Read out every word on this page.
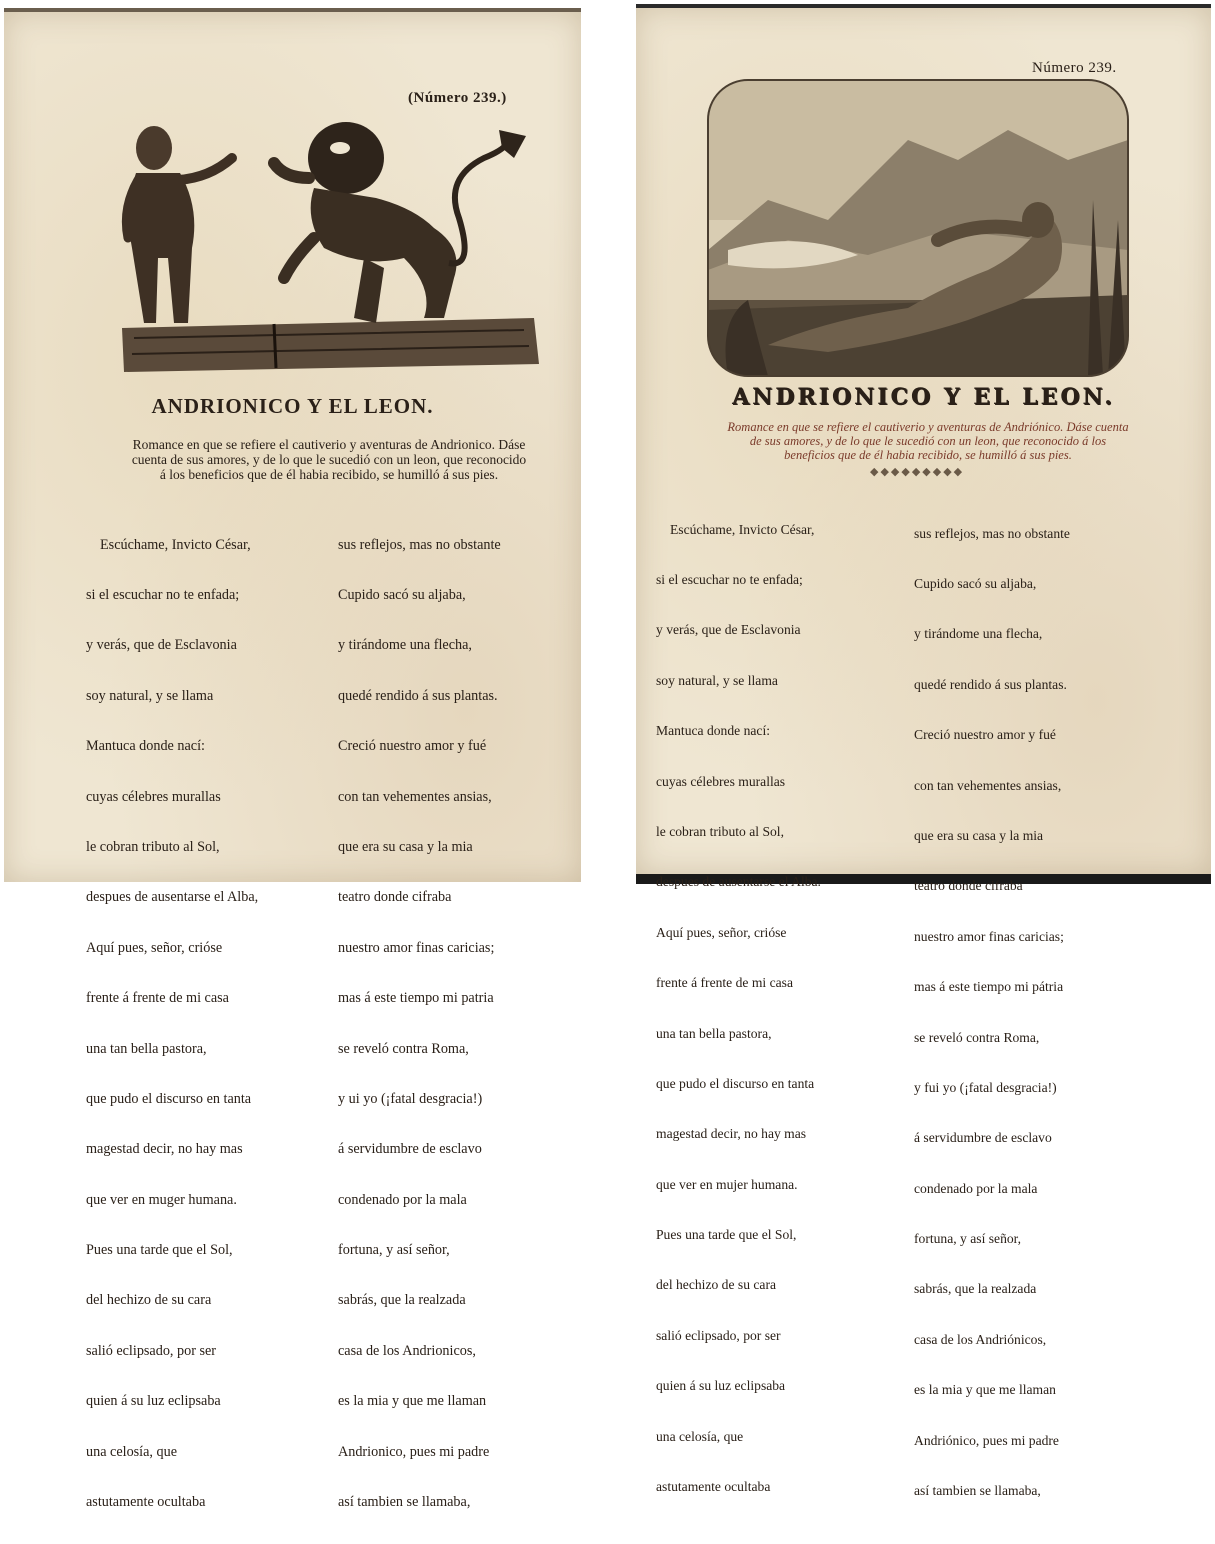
(Número 239.)
ANDRIONICO Y EL LEON.
Romance en que se refiere el cautiverio y aventuras de Andrionico. Dáse
cuenta de sus amores, y de lo que le sucedió con un leon, que reconocido
á los beneficios que de él habia recibido, se humilló á sus pies.

Escúchame, Invicto César,

si el escuchar no te enfada;

y verás, que de Esclavonia

soy natural, y se llama

Mantuca donde nací:

cuyas célebres murallas

le cobran tributo al Sol,

despues de ausentarse el Alba,

Aquí pues, señor, crióse

frente á frente de mi casa

una tan bella pastora,

que pudo el discurso en tanta

magestad decir, no hay mas

que ver en muger humana.

Pues una tarde que el Sol,

del hechizo de su cara

salió eclipsado, por ser

quien á su luz eclipsaba

una celosía, que

astutamente ocultaba

sus reflejos, mas no obstante

Cupido sacó su aljaba,

y tirándome una flecha,

quedé rendido á sus plantas.

Creció nuestro amor y fué

con tan vehementes ansias,

que era su casa y la mia

teatro donde cifraba

nuestro amor finas caricias;

mas á este tiempo mi patria

se reveló contra Roma,

y ui yo (¡fatal desgracia!)

á servidumbre de esclavo

condenado por la mala

fortuna, y así señor,

sabrás, que la realzada

casa de los Andrionicos,

es la mia y que me llaman

Andrionico, pues mi padre

así tambien se llamaba,

Número 239.
ANDRIONICO Y EL LEON.
Romance en que se refiere el cautiverio y aventuras de Andriónico. Dáse cuenta
de sus amores, y de lo que le sucedió con un leon, que reconocido á los
beneficios que de él habia recibido, se humilló á sus pies.
◆◆◆◆◆◆◆◆◆

Escúchame, Invicto César,

si el escuchar no te enfada;

y verás, que de Esclavonia

soy natural, y se llama

Mantuca donde nací:

cuyas célebres murallas

le cobran tributo al Sol,

despues de ausentarse el Alba.

Aquí pues, señor, crióse

frente á frente de mi casa

una tan bella pastora,

que pudo el discurso en tanta

magestad decir, no hay mas

que ver en mujer humana.

Pues una tarde que el Sol,

del hechizo de su cara

salió eclipsado, por ser

quien á su luz eclipsaba

una celosía, que

astutamente ocultaba

sus reflejos, mas no obstante

Cupido sacó su aljaba,

y tirándome una flecha,

quedé rendido á sus plantas.

Creció nuestro amor y fué

con tan vehementes ansias,

que era su casa y la mia

teatro donde cifraba

nuestro amor finas caricias;

mas á este tiempo mi pátria

se reveló contra Roma,

y fui yo (¡fatal desgracia!)

á servidumbre de esclavo

condenado por la mala

fortuna, y así señor,

sabrás, que la realzada

casa de los Andriónicos,

es la mia y que me llaman

Andriónico, pues mi padre

así tambien se llamaba,
